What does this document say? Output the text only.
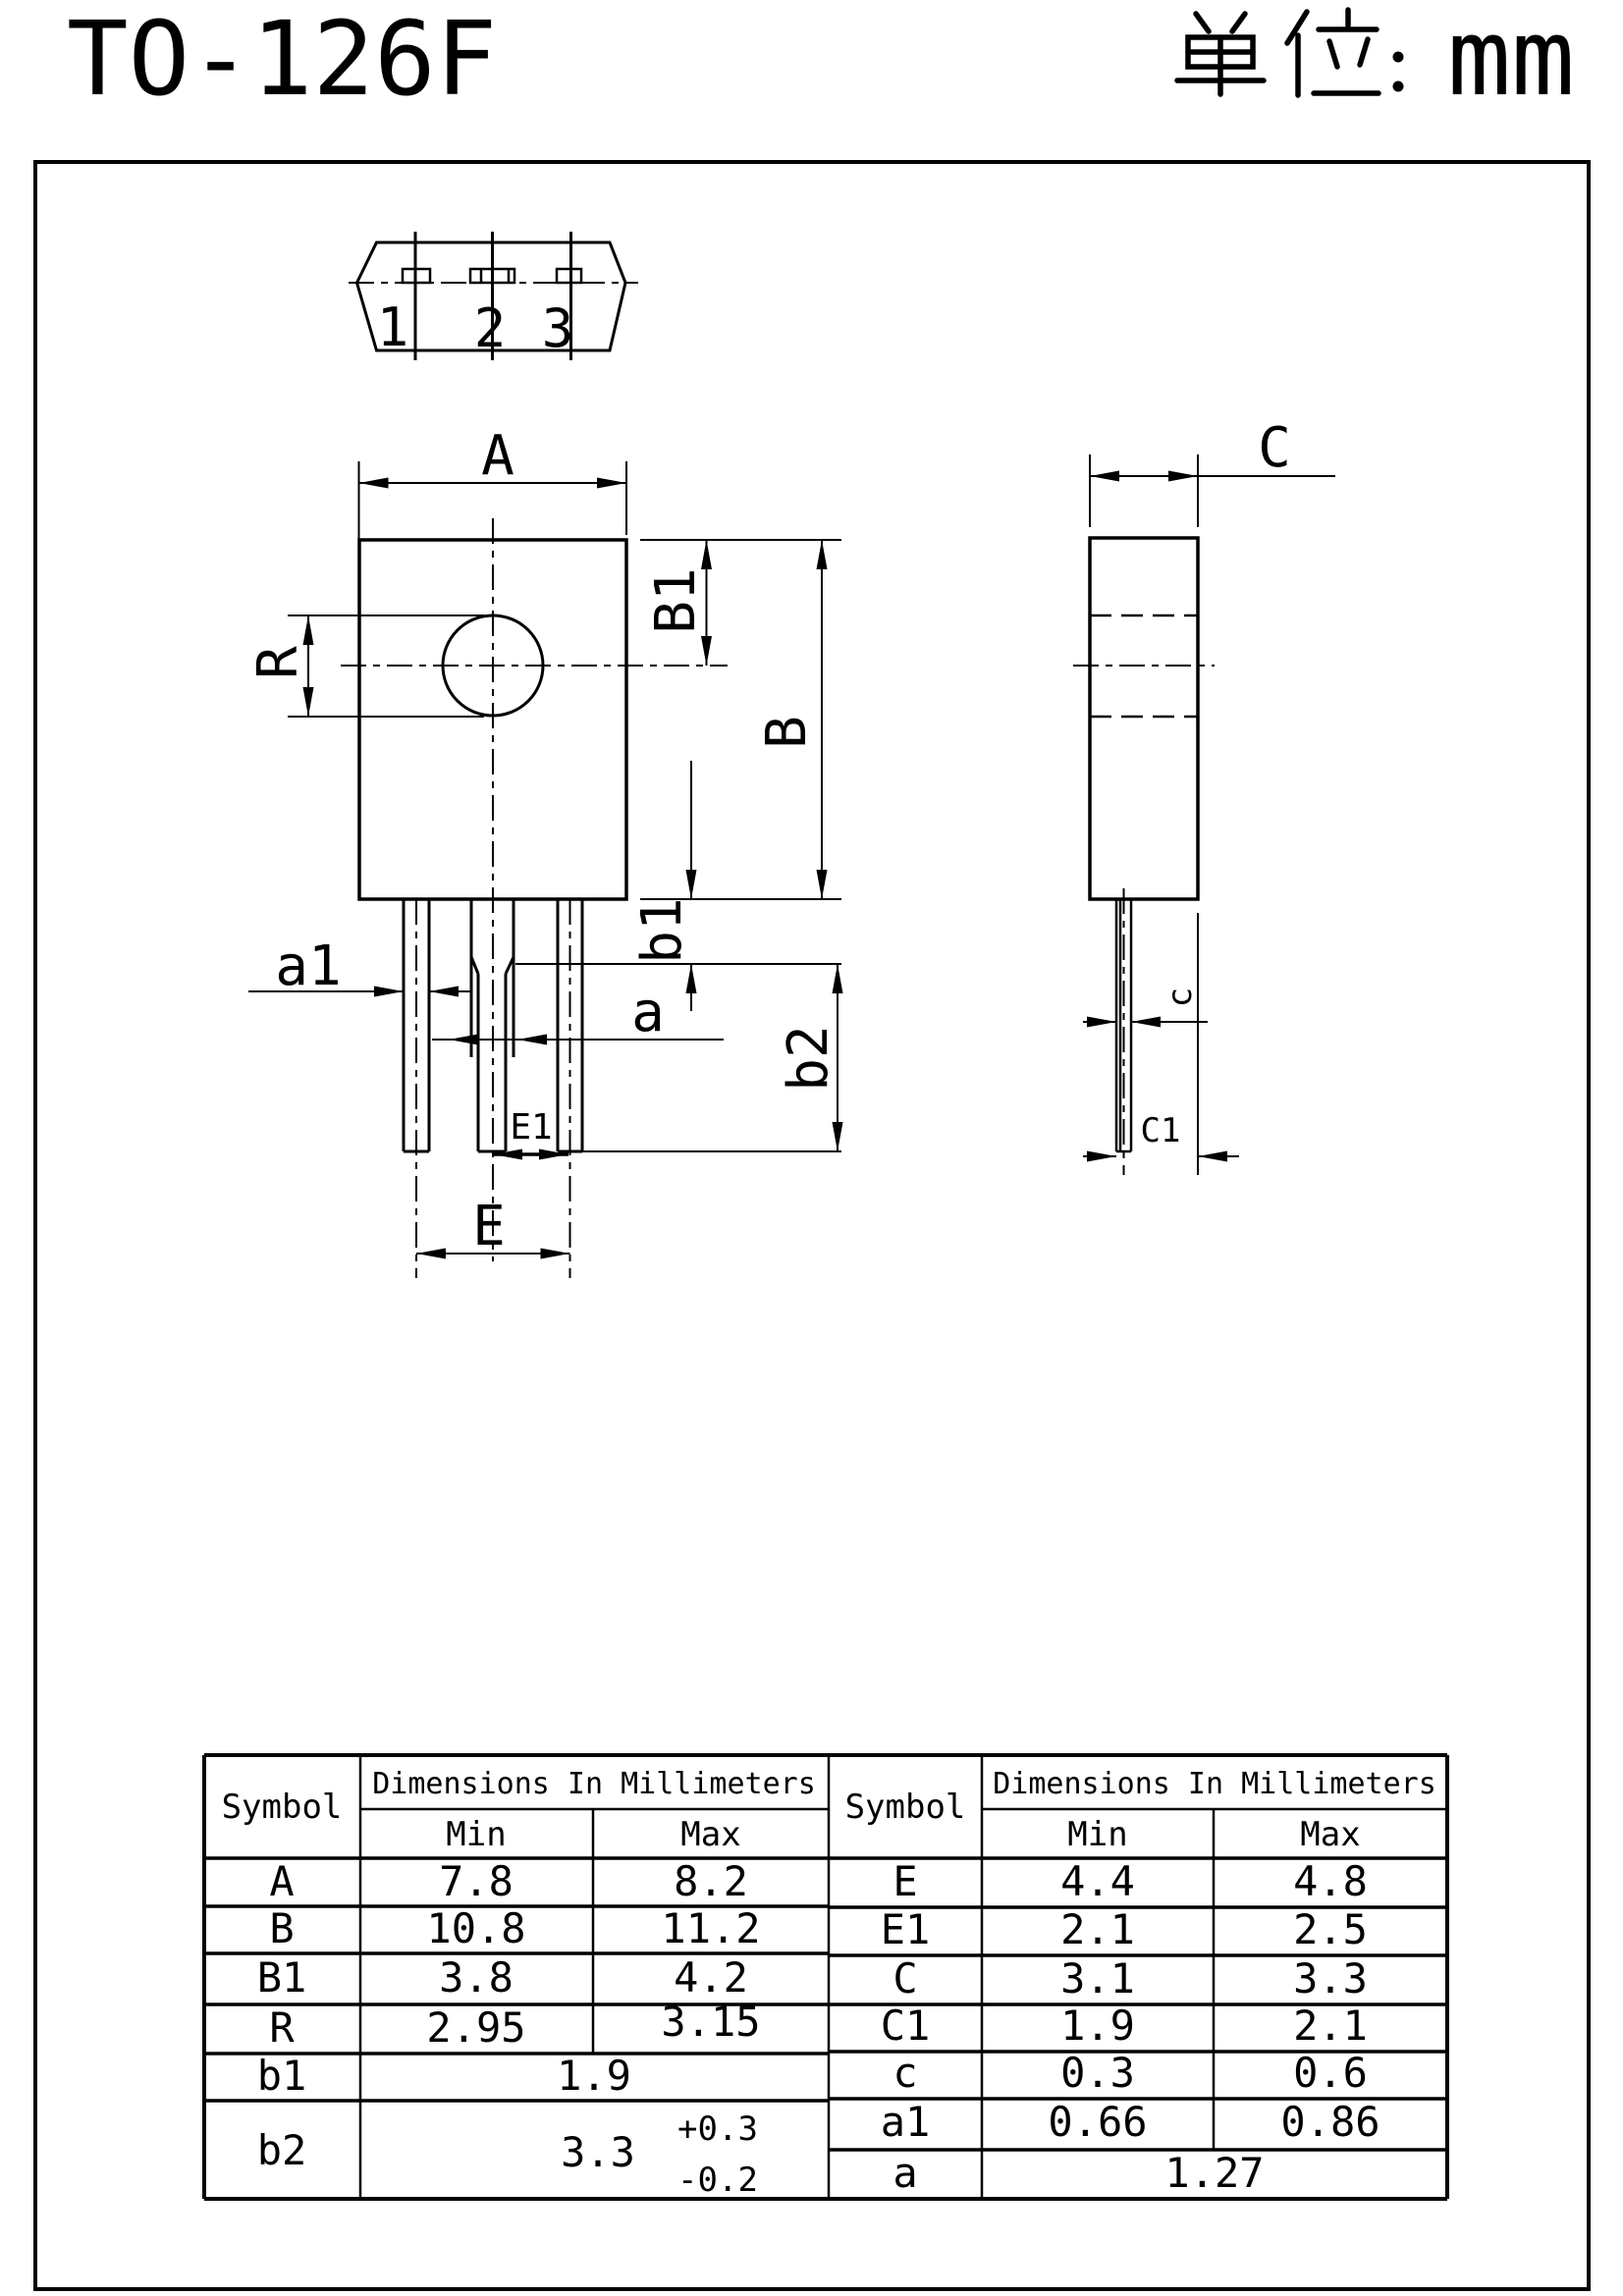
TO-126F	mm
1 2 3
A
B1
B
R
a1
a
b1
b2
E1
E
C
c
C1
Symbol
Dimensions In Millimeters
Min	Max
A	7.8	8.2
B	10.8	11.2
B1	3.8	4.2
R	2.95	3.15
b1	1.9
b2	3.3 +0.3
-0.2
Symbol
Dimensions In Millimeters
Min	Max
E	4.4	4.8
E1	2.1	2.5
C	3.1	3.3
C1	1.9	2.1
c	0.3	0.6
a1	0.66	0.86
a	1.27
